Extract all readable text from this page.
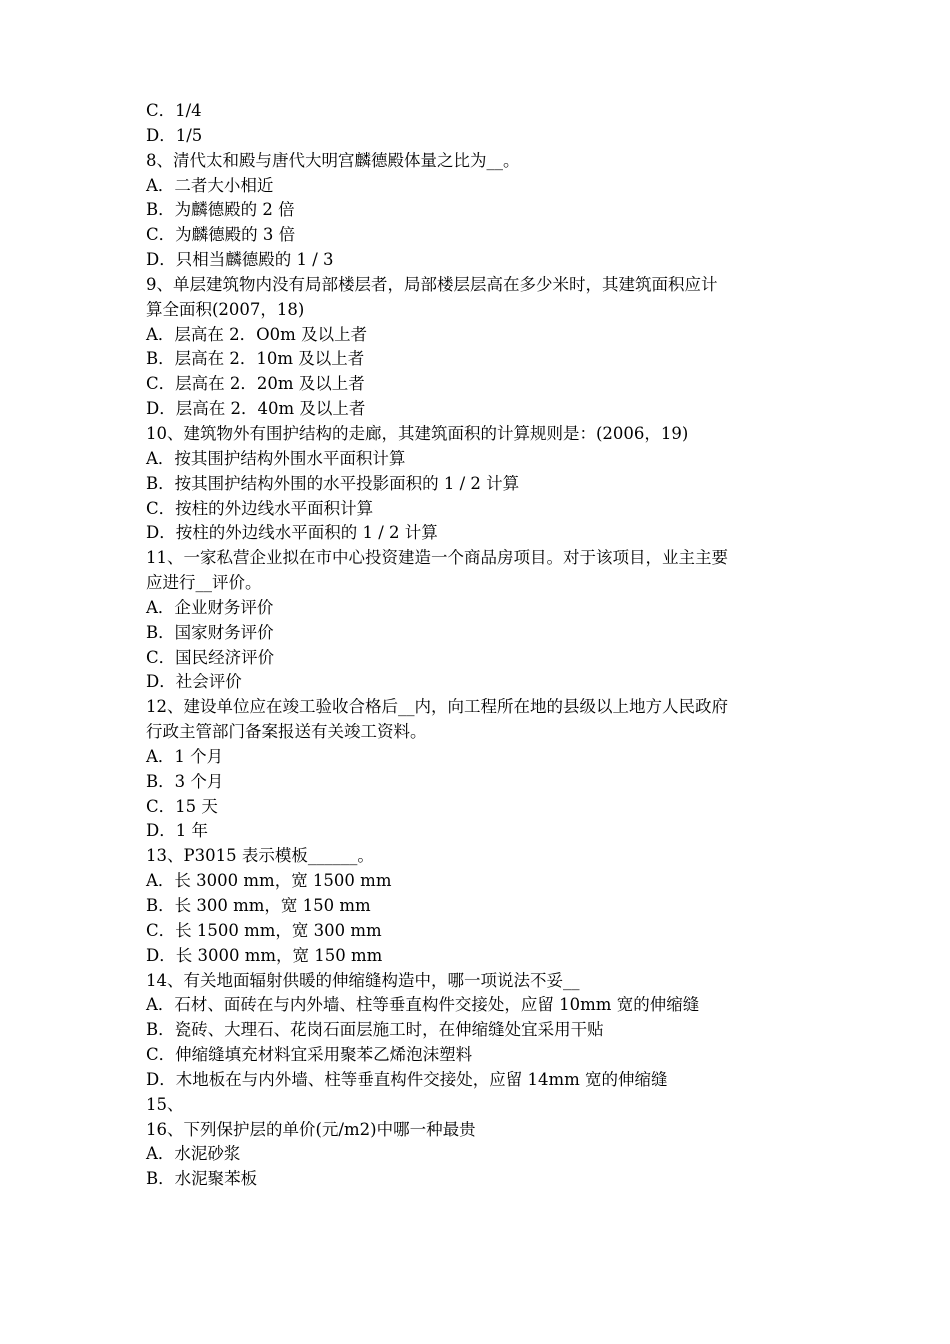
C．1/4
D．1/5
8、清代太和殿与唐代大明宫麟德殿体量之比为__。
A．二者大小相近
B．为麟德殿的 2 倍
C．为麟德殿的 3 倍
D．只相当麟德殿的 1 / 3
9、单层建筑物内没有局部楼层者，局部楼层层高在多少米时，其建筑面积应计
算全面积(2007，18)
A．层高在 2．O0m 及以上者
B．层高在 2．10m 及以上者
C．层高在 2．20m 及以上者
D．层高在 2．40m 及以上者
10、建筑物外有围护结构的走廊，其建筑面积的计算规则是：(2006，19)
A．按其围护结构外围水平面积计算
B．按其围护结构外围的水平投影面积的 1 / 2 计算
C．按柱的外边线水平面积计算
D．按柱的外边线水平面积的 1 / 2 计算
11、一家私营企业拟在市中心投资建造一个商品房项目。对于该项目，业主主要
应进行__评价。
A．企业财务评价
B．国家财务评价
C．国民经济评价
D．社会评价
12、建设单位应在竣工验收合格后__内，向工程所在地的县级以上地方人民政府
行政主管部门备案报送有关竣工资料。
A．1 个月
B．3 个月
C．15 天
D．1 年
13、P3015 表示模板______。
A．长 3000 mm，宽 1500 mm
B．长 300 mm，宽 150 mm
C．长 1500 mm，宽 300 mm
D．长 3000 mm，宽 150 mm
14、有关地面辐射供暖的伸缩缝构造中，哪一项说法不妥__
A．石材、面砖在与内外墙、柱等垂直构件交接处，应留 10mm 宽的伸缩缝
B．瓷砖、大理石、花岗石面层施工时，在伸缩缝处宜采用干贴
C．伸缩缝填充材料宜采用聚苯乙烯泡沫塑料
D．木地板在与内外墙、柱等垂直构件交接处，应留 14mm 宽的伸缩缝
15、
16、下列保护层的单价(元/m2)中哪一种最贵
A．水泥砂浆
B．水泥聚苯板
